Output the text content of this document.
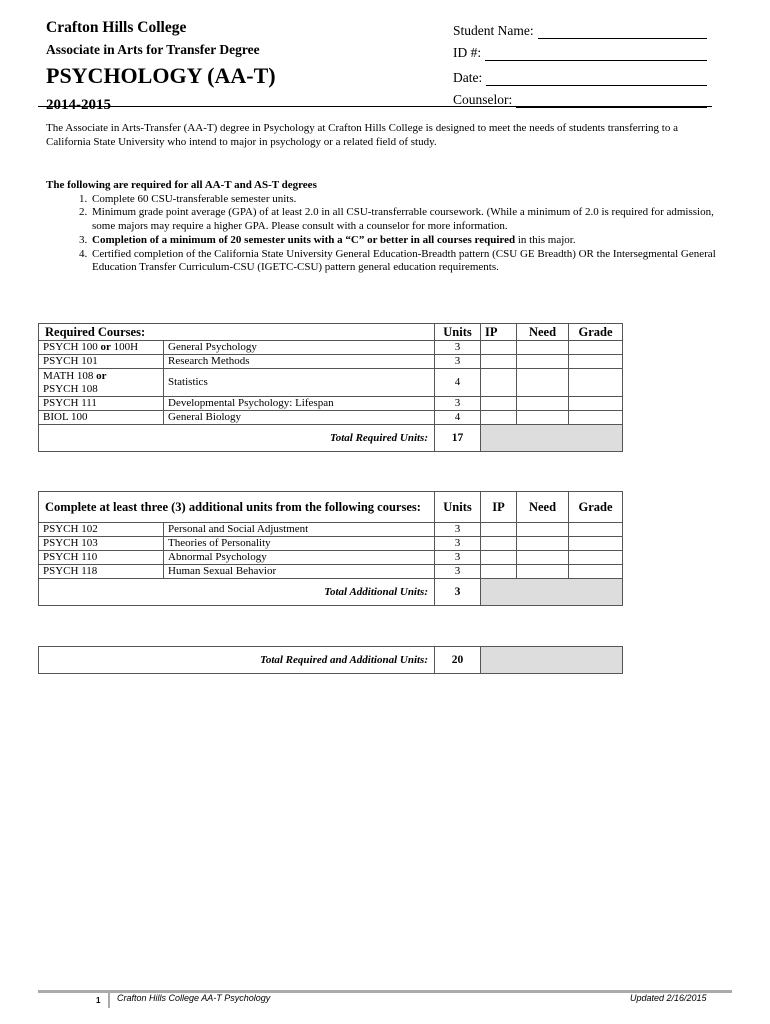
Crafton Hills College
Associate in Arts for Transfer Degree
PSYCHOLOGY (AA-T)
2014-2015
Student Name:
ID #:
Date:
Counselor:
The Associate in Arts-Transfer (AA-T) degree in Psychology at Crafton Hills College is designed to meet the needs of students transferring to a California State University who intend to major in psychology or a related field of study.
The following are required for all AA-T and AS-T degrees
1. Complete 60 CSU-transferable semester units.
2. Minimum grade point average (GPA) of at least 2.0 in all CSU-transferrable coursework. (While a minimum of 2.0 is required for admission, some majors may require a higher GPA. Please consult with a counselor for more information.
3. Completion of a minimum of 20 semester units with a “C” or better in all courses required in this major.
4. Certified completion of the California State University General Education-Breadth pattern (CSU GE Breadth) OR the Intersegmental General Education Transfer Curriculum-CSU (IGETC-CSU) pattern general education requirements.
Required Courses:		Units	IP	Need	Grade
PSYCH 100 or 100H	General Psychology	3			
PSYCH 101	Research Methods	3			
MATH 108 or
PSYCH 108	Statistics	4			
PSYCH 111	Developmental Psychology: Lifespan	3			
BIOL 100	General Biology	4			
Total Required Units:		17			
Complete at least three (3) additional units from the following courses:		Units	IP	Need	Grade
PSYCH 102	Personal and Social Adjustment	3			
PSYCH 103	Theories of Personality	3			
PSYCH 110	Abnormal Psychology	3			
PSYCH 118	Human Sexual Behavior	3			
Total Additional Units:		3			
Total Required and Additional Units:	20	
1 Crafton Hills College AA-T Psychology	Updated 2/16/2015
